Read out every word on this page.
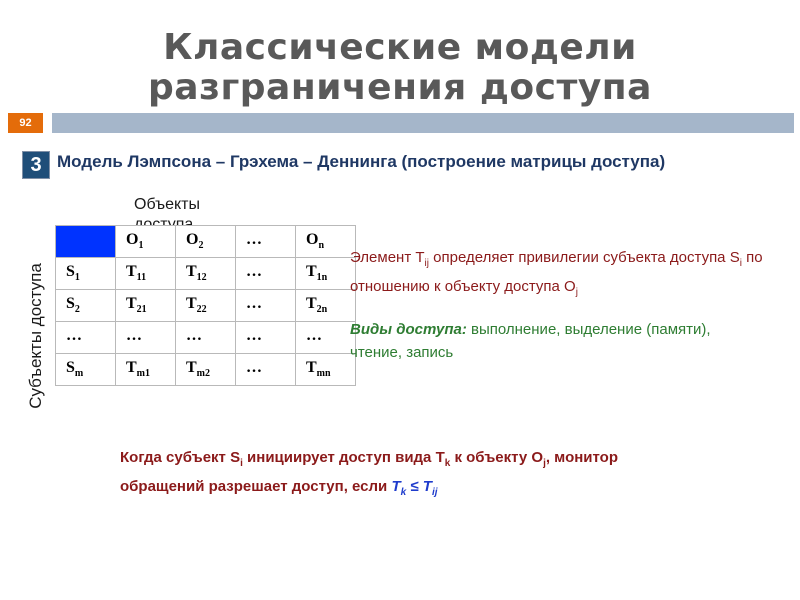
Классические модели
разграничения доступа
92
3 Модель Лэмпсона – Грэхема – Деннинга (построение матрицы доступа)
Объекты
Субъекты доступа
	$O_1$	$O_2$	…	$O_n$
$S_1$	$T_{11}$	$T_{12}$	…	$T_{1n}$
$S_2$	$T_{21}$	$T_{22}$	…	$T_{2n}$
…	…	…	…	…
$S_m$	$T_{m1}$	$T_{m2}$	…	$T_{mn}$
Элемент $T_{ij}$ определяет привилегии субъекта доступа $S_i$ по отношению к объекту доступа $O_j$
Виды доступа: выполнение, выделение (памяти),
чтение, запись
Когда субъект $S_i$ инициирует доступ вида $T_k$ к объекту $O_j$, монитор
обращений разрешает доступ, если $T_k \le T_{ij}$
